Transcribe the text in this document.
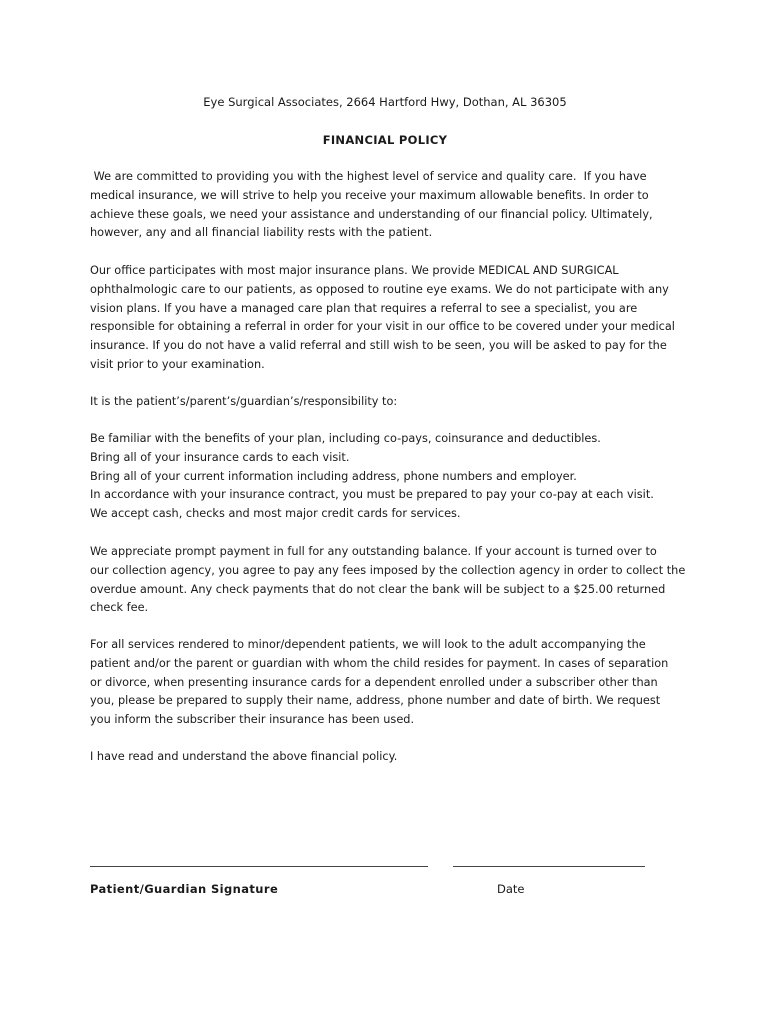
Eye Surgical Associates, 2664 Hartford Hwy, Dothan, AL 36305
FINANCIAL POLICY

We are committed to providing you with the highest level of service and quality care.  If you have
medical insurance, we will strive to help you receive your maximum allowable benefits. In order to
achieve these goals, we need your assistance and understanding of our financial policy. Ultimately,
however, any and all financial liability rests with the patient.

Our office participates with most major insurance plans. We provide MEDICAL AND SURGICAL
ophthalmologic care to our patients, as opposed to routine eye exams. We do not participate with any
vision plans. If you have a managed care plan that requires a referral to see a specialist, you are
responsible for obtaining a referral in order for your visit in our office to be covered under your medical
insurance. If you do not have a valid referral and still wish to be seen, you will be asked to pay for the
visit prior to your examination.

It is the patient’s/parent’s/guardian’s/responsibility to:

Be familiar with the benefits of your plan, including co-pays, coinsurance and deductibles.
Bring all of your insurance cards to each visit.
Bring all of your current information including address, phone numbers and employer.
In accordance with your insurance contract, you must be prepared to pay your co-pay at each visit.
We accept cash, checks and most major credit cards for services.

We appreciate prompt payment in full for any outstanding balance. If your account is turned over to
our collection agency, you agree to pay any fees imposed by the collection agency in order to collect the
overdue amount. Any check payments that do not clear the bank will be subject to a $25.00 returned
check fee.

For all services rendered to minor/dependent patients, we will look to the adult accompanying the
patient and/or the parent or guardian with whom the child resides for payment. In cases of separation
or divorce, when presenting insurance cards for a dependent enrolled under a subscriber other than
you, please be prepared to supply their name, address, phone number and date of birth. We request
you inform the subscriber their insurance has been used.

I have read and understand the above financial policy.

Patient/Guardian Signature	Date
